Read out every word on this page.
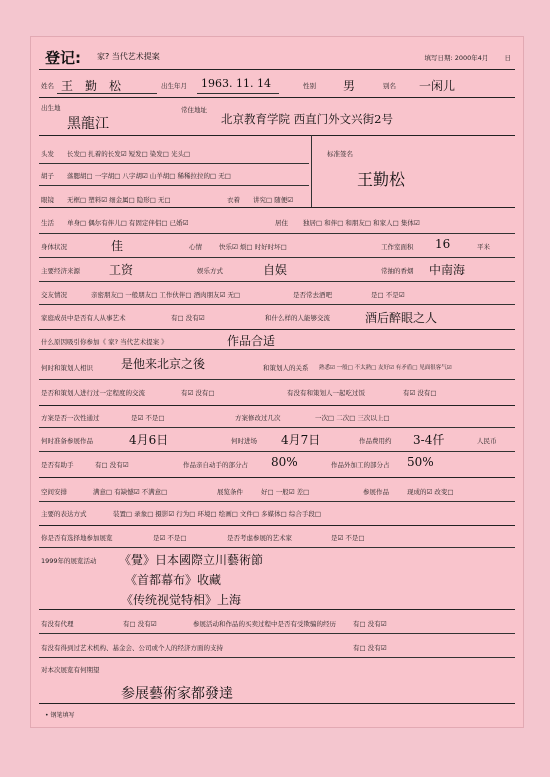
登记: 家? 当代艺术提案	填写日期: 2000年4月 日
姓名 王　勤　松	出生年月 1963. 11. 14	性别 男	别名 一闲儿
出生地
黑龍江
常住地址
北京教育学院 西直门外文兴街2号
头发 长发□ 扎着的长发☑ 短发□ 染发□ 光头□
胡子 落腮胡□ 一字胡□ 八字胡☑ 山羊胡□ 稀稀拉拉的□ 无□
眼镜 无框□ 塑料☑ 细金属□ 隐形□ 无□	衣着 讲究□ 随便☑
标准签名
王勤松
生活 单身□ 偶尔有伴儿□ 有固定伴侣□ 已婚☑	居住 独居□ 和伴□ 和朋友□ 和家人□ 集体☑
身体状况	佳	心情	快乐☑ 烦□ 时好时坏□	工作室面积 16	平米
主要经济来源 工资	娱乐方式	自娱	常抽的香烟 中南海
交友情况	亲密朋友□ 一般朋友□ 工作伙伴□ 酒肉朋友☑ 无□	是否常去酒吧	是□ 不是☑
家庭成员中是否有人从事艺术	有□ 没有☑	和什么样的人能够交流	酒后醉眼之人
什么原因吸引你参加《 家? 当代艺术提案 》	作品合适
何时和策划人相识 是他来北京之後	和策划人的关系 熟悉☑ 一般□ 不太熟□ 友好☑ 有矛盾□ 见面很客气☑
是否和策划人进行过一定程度的交流	有☑ 没有□	有没有和策划人一起吃过饭	有☑ 没有□
方案是否一次性通过	是☑ 不是□	方案修改过几次	一次□ 二次□ 三次以上□
何时准备参展作品	4月6日	何时进场 4月7日	作品费用约 3-4仟	人民币
是否有助手	有□ 没有☑	作品亲自动手的部分占 80%	作品外加工的部分占 50%
空间安排	满意□ 有缺憾☑ 不满意□	展览条件	好□ 一般☑ 差□	参展作品	现成的☑ 改变□
主要的表达方式	装置□ 录象□ 摄影☑ 行为□ 环境□ 绘画□ 文件□ 多媒体□ 综合手段□
你是否有选择地参加展览	是☑ 不是□	是否考虑参展的艺术家	是☑ 不是□
1999年的展览活动 《覺》日本國際立川藝術節
《首都幕布》收藏
《传统视觉特相》上海
有没有代理	有□ 没有☑	参展活动和作品的买卖过程中是否有受欺骗的经历	有□ 没有☑
有没有得到过艺术机构、基金会、公司或个人的经济方面的支持	有□ 没有☑
对本次展览有何期望
参展藝術家都發達
• 钢笔填写
